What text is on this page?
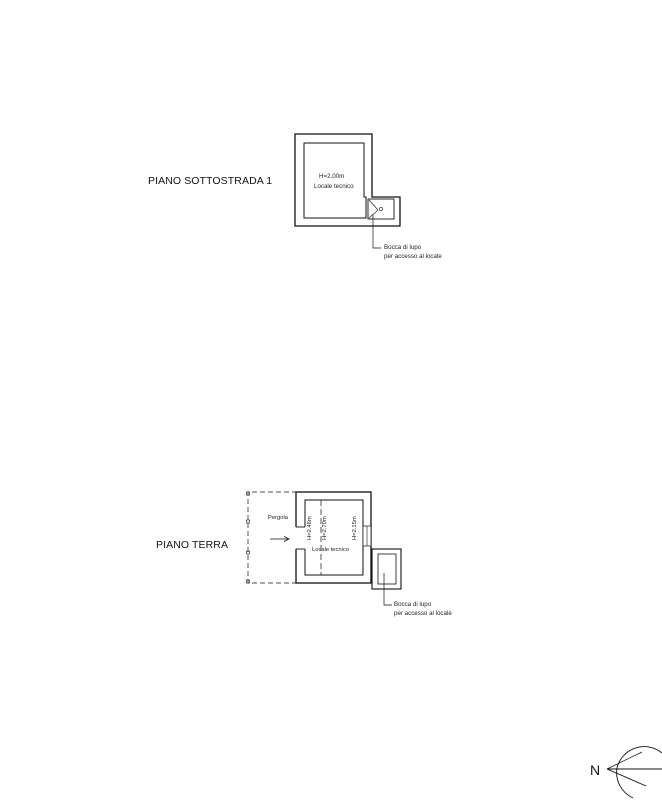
PIANO SOTTOSTRADA 1	H=2.00m
Locale tecnico
Bocca di lupo
per accesso al locale
PIANO TERRA
Pergola
Locale tecnico
H=2.46m H=2.70m	H=2.15m
Bocca di lupo
per accesso al locale
N
